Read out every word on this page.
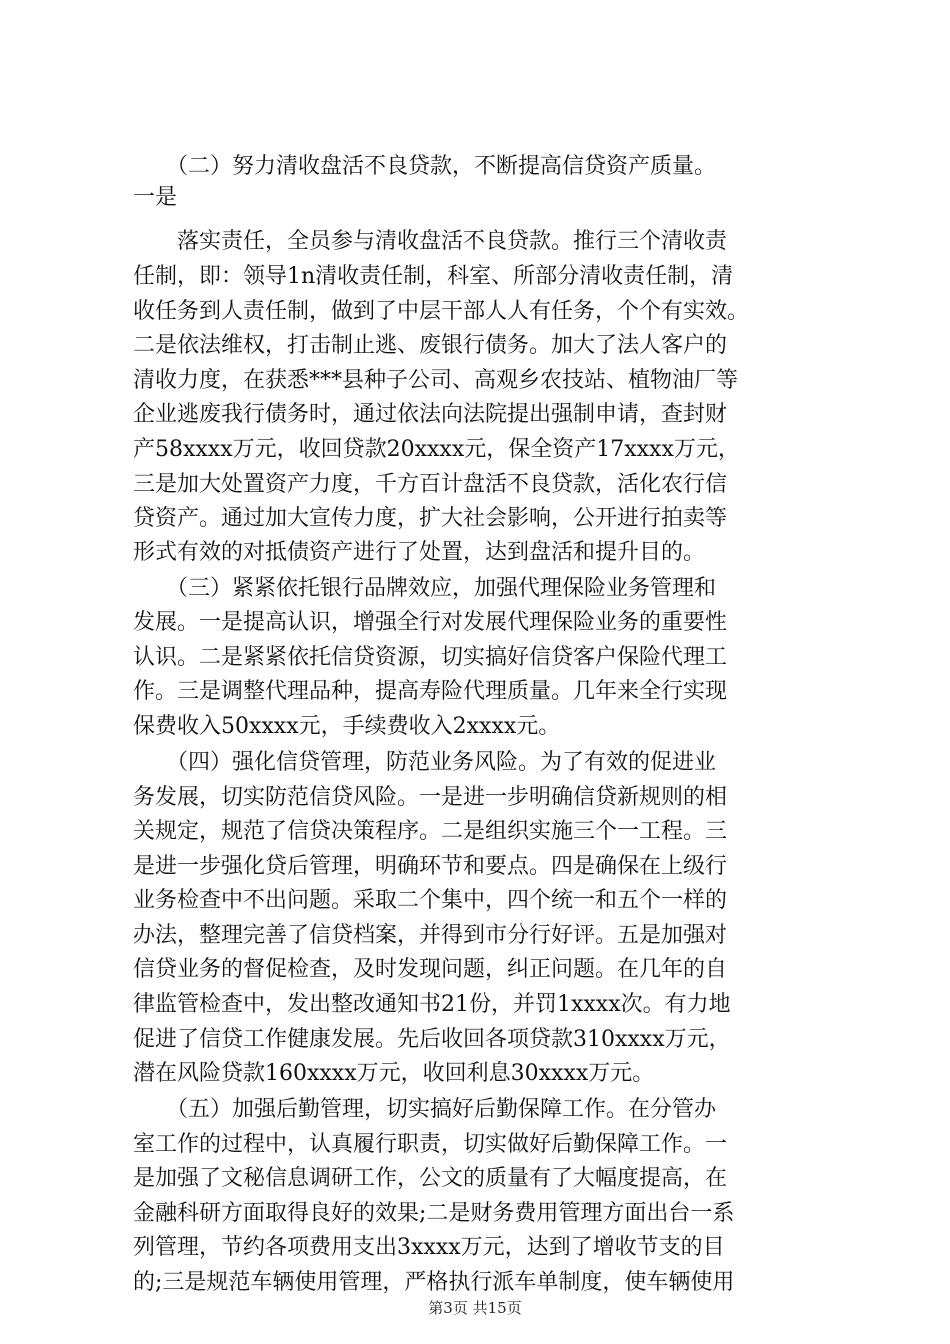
　　（二）努力清收盘活不良贷款，不断提高信贷资产质量。
一是
　　落实责任，全员参与清收盘活不良贷款。推行三个清收责
任制，即：领导1n清收责任制，科室、所部分清收责任制，清
收任务到人责任制，做到了中层干部人人有任务，个个有实效。
二是依法维权，打击制止逃、废银行债务。加大了法人客户的
清收力度，在获悉***县种子公司、高观乡农技站、植物油厂等
企业逃废我行债务时，通过依法向法院提出强制申请，查封财
产58xxxx万元，收回贷款20xxxx元，保全资产17xxxx万元，
三是加大处置资产力度，千方百计盘活不良贷款，活化农行信
贷资产。通过加大宣传力度，扩大社会影响，公开进行拍卖等
形式有效的对抵债资产进行了处置，达到盘活和提升目的。
　　（三）紧紧依托银行品牌效应，加强代理保险业务管理和
发展。一是提高认识，增强全行对发展代理保险业务的重要性
认识。二是紧紧依托信贷资源，切实搞好信贷客户保险代理工
作。三是调整代理品种，提高寿险代理质量。几年来全行实现
保费收入50xxxx元，手续费收入2xxxx元。
　　（四）强化信贷管理，防范业务风险。为了有效的促进业
务发展，切实防范信贷风险。一是进一步明确信贷新规则的相
关规定，规范了信贷决策程序。二是组织实施三个一工程。三
是进一步强化贷后管理，明确环节和要点。四是确保在上级行
业务检查中不出问题。采取二个集中，四个统一和五个一样的
办法，整理完善了信贷档案，并得到市分行好评。五是加强对
信贷业务的督促检查，及时发现问题，纠正问题。在几年的自
律监管检查中，发出整改通知书21份，并罚1xxxx次。有力地
促进了信贷工作健康发展。先后收回各项贷款310xxxx万元，
潜在风险贷款160xxxx万元，收回利息30xxxx万元。
　　（五）加强后勤管理，切实搞好后勤保障工作。在分管办
室工作的过程中，认真履行职责，切实做好后勤保障工作。一
是加强了文秘信息调研工作，公文的质量有了大幅度提高，在
金融科研方面取得良好的效果;二是财务费用管理方面出台一系
列管理，节约各项费用支出3xxxx万元，达到了增收节支的目
的;三是规范车辆使用管理，严格执行派车单制度，使车辆使用
第3页 共15页
